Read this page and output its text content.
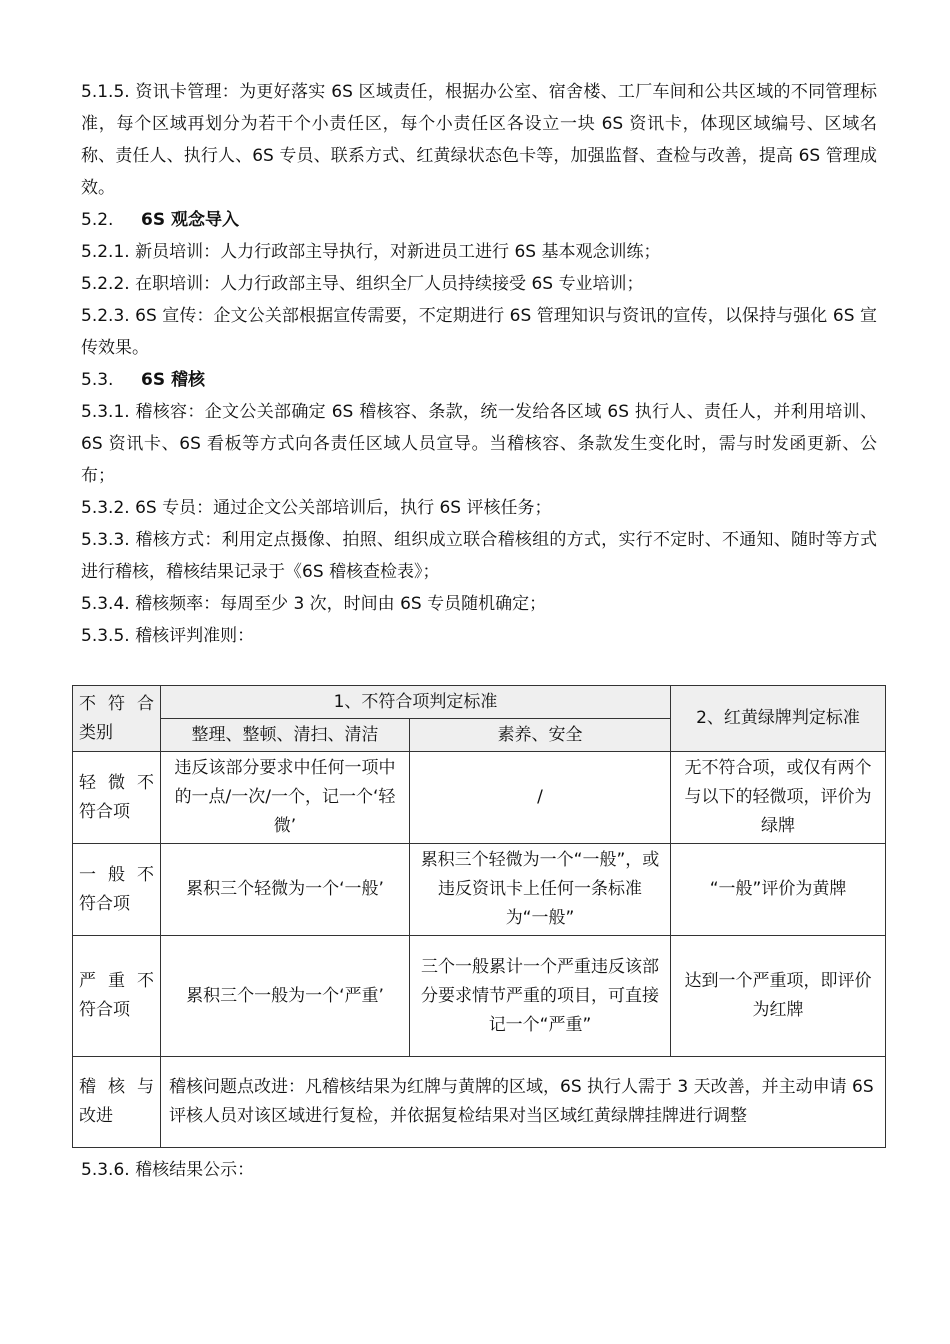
5.1.5. 资讯卡管理：为更好落实 6S 区域责任，根据办公室、宿舍楼、工厂车间和公共区域的不同管理标准，每个区域再划分为若干个小责任区，每个小责任区各设立一块 6S 资讯卡，体现区域编号、区域名称、责任人、执行人、6S 专员、联系方式、红黄绿状态色卡等，加强监督、查检与改善，提高 6S 管理成效。

5.2. 6S 观念导入

5.2.1. 新员培训：人力行政部主导执行，对新进员工进行 6S 基本观念训练；

5.2.2. 在职培训：人力行政部主导、组织全厂人员持续接受 6S 专业培训；

5.2.3. 6S 宣传：企文公关部根据宣传需要，不定期进行 6S 管理知识与资讯的宣传，以保持与强化 6S 宣传效果。

5.3. 6S 稽核

5.3.1. 稽核容：企文公关部确定 6S 稽核容、条款，统一发给各区域 6S 执行人、责任人，并利用培训、6S 资讯卡、6S 看板等方式向各责任区域人员宣导。当稽核容、条款发生变化时，需与时发函更新、公布；

5.3.2. 6S 专员：通过企文公关部培训后，执行 6S 评核任务；

5.3.3. 稽核方式：利用定点摄像、拍照、组织成立联合稽核组的方式，实行不定时、不通知、随时等方式进行稽核，稽核结果记录于《6S 稽核查检表》；

5.3.4. 稽核频率：每周至少 3 次，时间由 6S 专员随机确定；

5.3.5. 稽核评判准则：

不 符 合
类别	1、不符合项判定标准		2、红黄绿牌判定标准
	整理、整顿、清扫、清洁	素养、安全	

轻 微 不
符合项	违反该部分要求中任何一项中的一点/一次/一个，记一个‘轻微’	/	无不符合项，或仅有两个与以下的轻微项，评价为绿牌

一 般 不
符合项	累积三个轻微为一个‘一般’	累积三个轻微为一个“一般”，或违反资讯卡上任何一条标准为“一般”	“一般”评价为黄牌

严 重 不
符合项	累积三个一般为一个‘严重’	三个一般累计一个严重违反该部分要求情节严重的项目，可直接记一个“严重”	达到一个严重项，即评价为红牌

稽 核 与
改进	稽核问题点改进：凡稽核结果为红牌与黄牌的区域，6S 执行人需于 3 天改善，并主动申请 6S 评核人员对该区域进行复检，并依据复检结果对当区域红黄绿牌挂牌进行调整		

5.3.6. 稽核结果公示：
